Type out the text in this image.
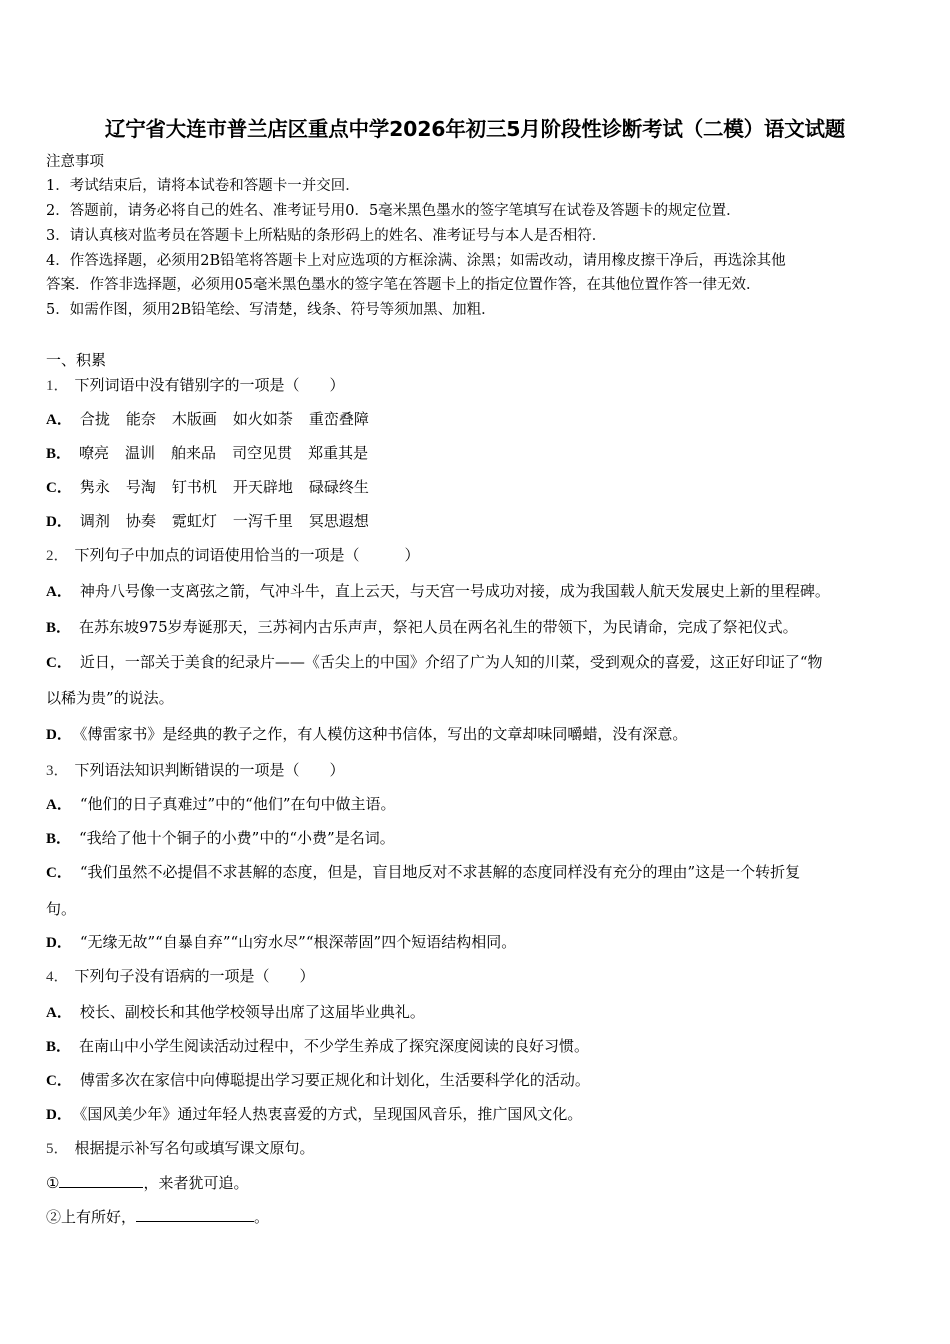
辽宁省大连市普兰店区重点中学2026年初三5月阶段性诊断考试（二模）语文试题
注意事项
1．考试结束后，请将本试卷和答题卡一并交回．
2．答题前，请务必将自己的姓名、准考证号用0．5毫米黑色墨水的签字笔填写在试卷及答题卡的规定位置．
3．请认真核对监考员在答题卡上所粘贴的条形码上的姓名、准考证号与本人是否相符．
4．作答选择题，必须用2B铅笔将答题卡上对应选项的方框涂满、涂黑；如需改动，请用橡皮擦干净后，再选涂其他
答案．作答非选择题，必须用05毫米黑色墨水的签字笔在答题卡上的指定位置作答，在其他位置作答一律无效．
5．如需作图，须用2B铅笔绘、写清楚，线条、符号等须加黑、加粗．
一、积累
1． 下列词语中没有错别字的一项是（　　）
A． 合拢 能奈 木版画 如火如荼 重峦叠障
B． 嘹亮 温训 舶来品 司空见贯 郑重其是
C． 隽永 号淘 钉书机 开天辟地 碌碌终生
D． 调剂 协奏 霓虹灯 一泻千里 冥思遐想
2． 下列句子中加点的词语使用恰当的一项是（　　　）
A． 神舟八号像一支离弦之箭，气冲斗牛，直上云天，与天宫一号成功对接，成为我国载人航天发展史上新的里程碑。
B． 在苏东坡975岁寿诞那天，三苏祠内古乐声声，祭祀人员在两名礼生的带领下，为民请命，完成了祭祀仪式。
C． 近日，一部关于美食的纪录片——《舌尖上的中国》介绍了广为人知的川菜，受到观众的喜爱，这正好印证了“物
以稀为贵”的说法。
D． 《傅雷家书》是经典的教子之作，有人模仿这种书信体，写出的文章却味同嚼蜡，没有深意。
3． 下列语法知识判断错误的一项是（　　）
A． “他们的日子真难过”中的“他们”在句中做主语。
B． “我给了他十个铜子的小费”中的“小费”是名词。
C． “我们虽然不必提倡不求甚解的态度，但是，盲目地反对不求甚解的态度同样没有充分的理由”这是一个转折复
句。
D． “无缘无故”“自暴自弃”“山穷水尽”“根深蒂固”四个短语结构相同。
4． 下列句子没有语病的一项是（　　）
A． 校长、副校长和其他学校领导出席了这届毕业典礼。
B． 在南山中小学生阅读活动过程中，不少学生养成了探究深度阅读的良好习惯。
C． 傅雷多次在家信中向傅聪提出学习要正规化和计划化，生活要科学化的活动。
D． 《国风美少年》通过年轻人热衷喜爱的方式，呈现国风音乐，推广国风文化。
5． 根据提示补写名句或填写课文原句。
①	，来者犹可追。
②上有所好，	。
